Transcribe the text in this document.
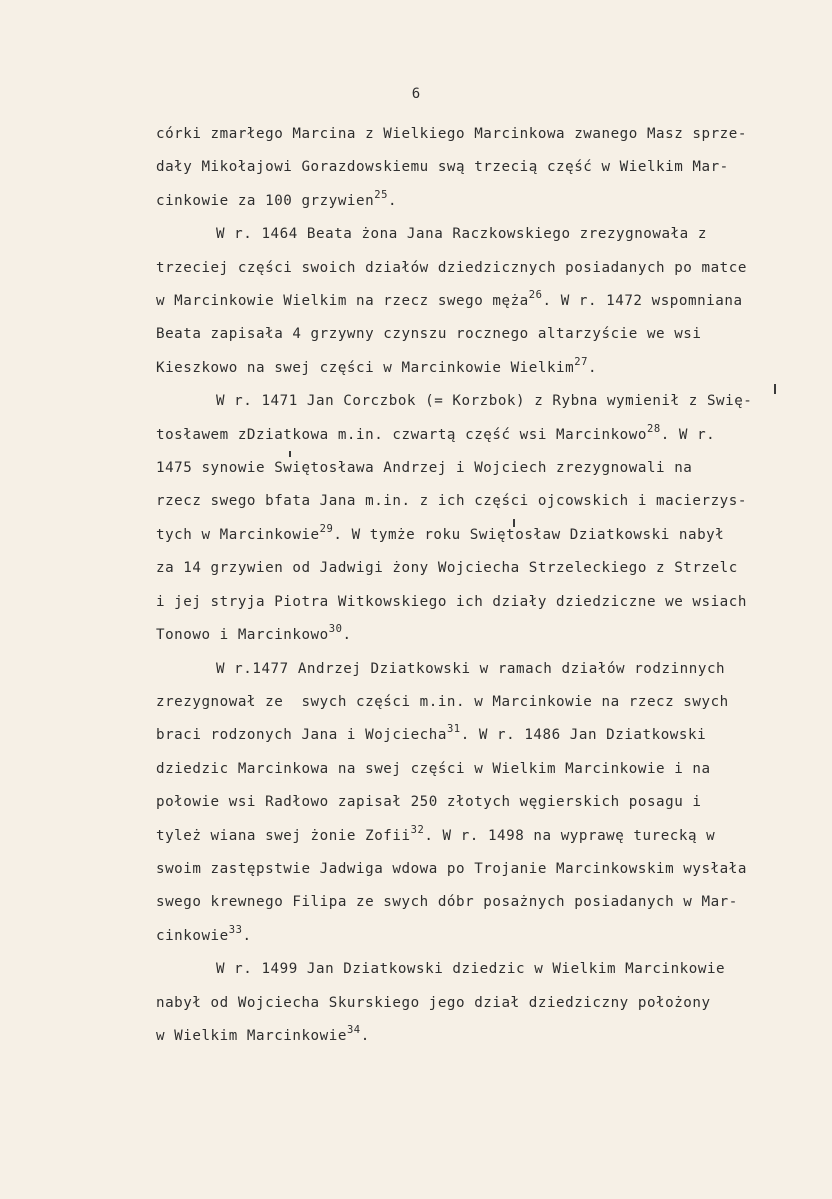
6
córki zmarłego Marcina z Wielkiego Marcinkowa zwanego Masz sprze-
dały Mikołajowi Gorazdowskiemu swą trzecią część w Wielkim Mar-
cinkowie za 100 grzywien$^{25}$.
W r. 1464 Beata żona Jana Raczkowskiego zrezygnowała z
trzeciej części swoich działów dziedzicznych posiadanych po matce
w Marcinkowie Wielkim na rzecz swego męża$^{26}$. W r. 1472 wspomniana
Beata zapisała 4 grzywny czynszu rocznego altarzyście we wsi
Kieszkowo na swej części w Marcinkowie Wielkim$^{27}$.
W r. 1471 Jan Corczbok (= Korzbok) z Rybna wymienił z Swię-
tosławem zDziatkowa m.in. czwartą część wsi Marcinkowo$^{28}$. W r.
1475 synowie Swiętosława Andrzej i Wojciech zrezygnowali na
rzecz swego bfata Jana m.in. z ich części ojcowskich i macierzys-
tych w Marcinkowie$^{29}$. W tymże roku Swiętosław Dziatkowski nabył
za 14 grzywien od Jadwigi żony Wojciecha Strzeleckiego z Strzelc
i jej stryja Piotra Witkowskiego ich działy dziedziczne we wsiach
Tonowo i Marcinkowo$^{30}$.
W r.1477 Andrzej Dziatkowski w ramach działów rodzinnych
zrezygnował ze  swych części m.in. w Marcinkowie na rzecz swych
braci rodzonych Jana i Wojciecha$^{31}$. W r. 1486 Jan Dziatkowski
dziedzic Marcinkowa na swej części w Wielkim Marcinkowie i na
połowie wsi Radłowo zapisał 250 złotych węgierskich posagu i
tyleż wiana swej żonie Zofii$^{32}$. W r. 1498 na wyprawę turecką w
swoim zastępstwie Jadwiga wdowa po Trojanie Marcinkowskim wysłała
swego krewnego Filipa ze swych dóbr posażnych posiadanych w Mar-
cinkowie$^{33}$.
W r. 1499 Jan Dziatkowski dziedzic w Wielkim Marcinkowie
nabył od Wojciecha Skurskiego jego dział dziedziczny położony
w Wielkim Marcinkowie$^{34}$.
